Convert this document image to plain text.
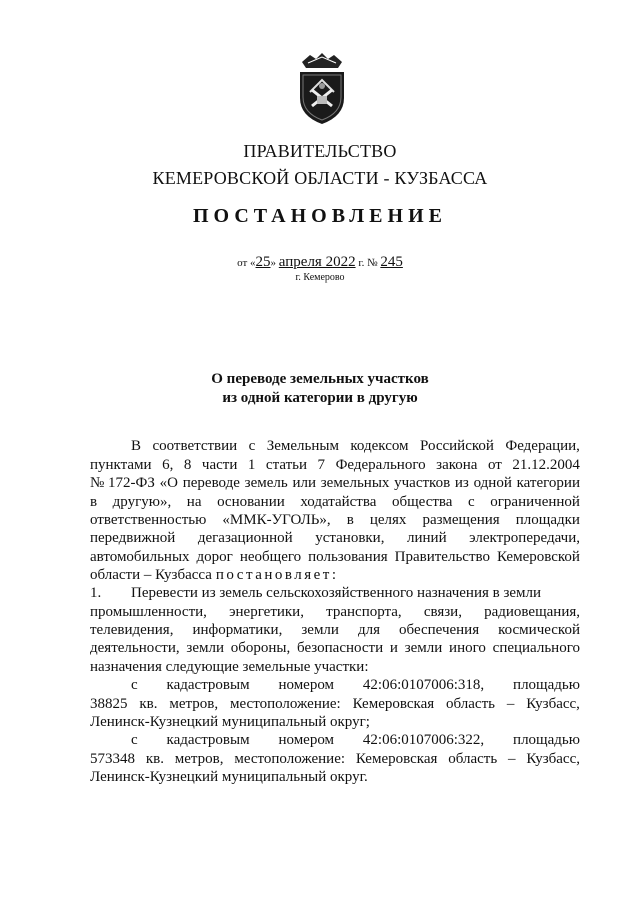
ПРАВИТЕЛЬСТВО
КЕМЕРОВСКОЙ ОБЛАСТИ - КУЗБАССА
ПОСТАНОВЛЕНИЕ
от «25» апреля 2022 г. № 245
г. Кемерово
О переводе земельных участков
из одной категории в другую
В соответствии с Земельным кодексом Российской Федерации,
пунктами 6, 8 части 1 статьи 7 Федерального закона от 21.12.2004
№ 172-ФЗ «О переводе земель или земельных участков из одной категории
в другую», на основании ходатайства общества с ограниченной
ответственностью «ММК-УГОЛЬ», в целях размещения площадки
передвижной дегазационной установки, линий электропередачи,
автомобильных дорог необщего пользования Правительство Кемеровской
области – Кузбасса постановляет:
1. Перевести из земель сельскохозяйственного назначения в земли
промышленности, энергетики, транспорта, связи, радиовещания,
телевидения, информатики, земли для обеспечения космической
деятельности, земли обороны, безопасности и земли иного специального
назначения следующие земельные участки:
с кадастровым номером 42:06:0107006:318, площадью
38825 кв. метров, местоположение: Кемеровская область – Кузбасс,
Ленинск-Кузнецкий муниципальный округ;
с кадастровым номером 42:06:0107006:322, площадью
573348 кв. метров, местоположение: Кемеровская область – Кузбасс,
Ленинск-Кузнецкий муниципальный округ.
